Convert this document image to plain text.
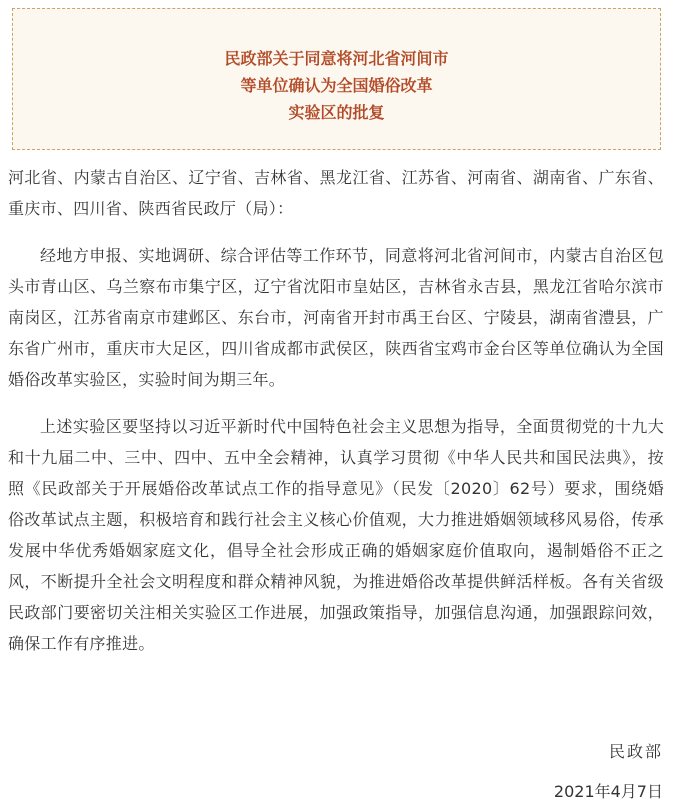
民政部关于同意将河北省河间市
等单位确认为全国婚俗改革
实验区的批复

河北省、内蒙古自治区、辽宁省、吉林省、黑龙江省、江苏省、河南省、湖南省、广东省、重庆市、四川省、陕西省民政厅（局）：

经地方申报、实地调研、综合评估等工作环节，同意将河北省河间市，内蒙古自治区包头市青山区、乌兰察布市集宁区，辽宁省沈阳市皇姑区，吉林省永吉县，黑龙江省哈尔滨市南岗区，江苏省南京市建邺区、东台市，河南省开封市禹王台区、宁陵县，湖南省澧县，广东省广州市，重庆市大足区，四川省成都市武侯区，陕西省宝鸡市金台区等单位确认为全国婚俗改革实验区，实验时间为期三年。

上述实验区要坚持以习近平新时代中国特色社会主义思想为指导，全面贯彻党的十九大和十九届二中、三中、四中、五中全会精神，认真学习贯彻《中华人民共和国民法典》，按照《民政部关于开展婚俗改革试点工作的指导意见》（民发〔2020〕62号）要求，围绕婚俗改革试点主题，积极培育和践行社会主义核心价值观，大力推进婚姻领域移风易俗，传承发展中华优秀婚姻家庭文化，倡导全社会形成正确的婚姻家庭价值取向，遏制婚俗不正之风，不断提升全社会文明程度和群众精神风貌，为推进婚俗改革提供鲜活样板。各有关省级民政部门要密切关注相关实验区工作进展，加强政策指导，加强信息沟通，加强跟踪问效，确保工作有序推进。

民政部
2021年4月7日
